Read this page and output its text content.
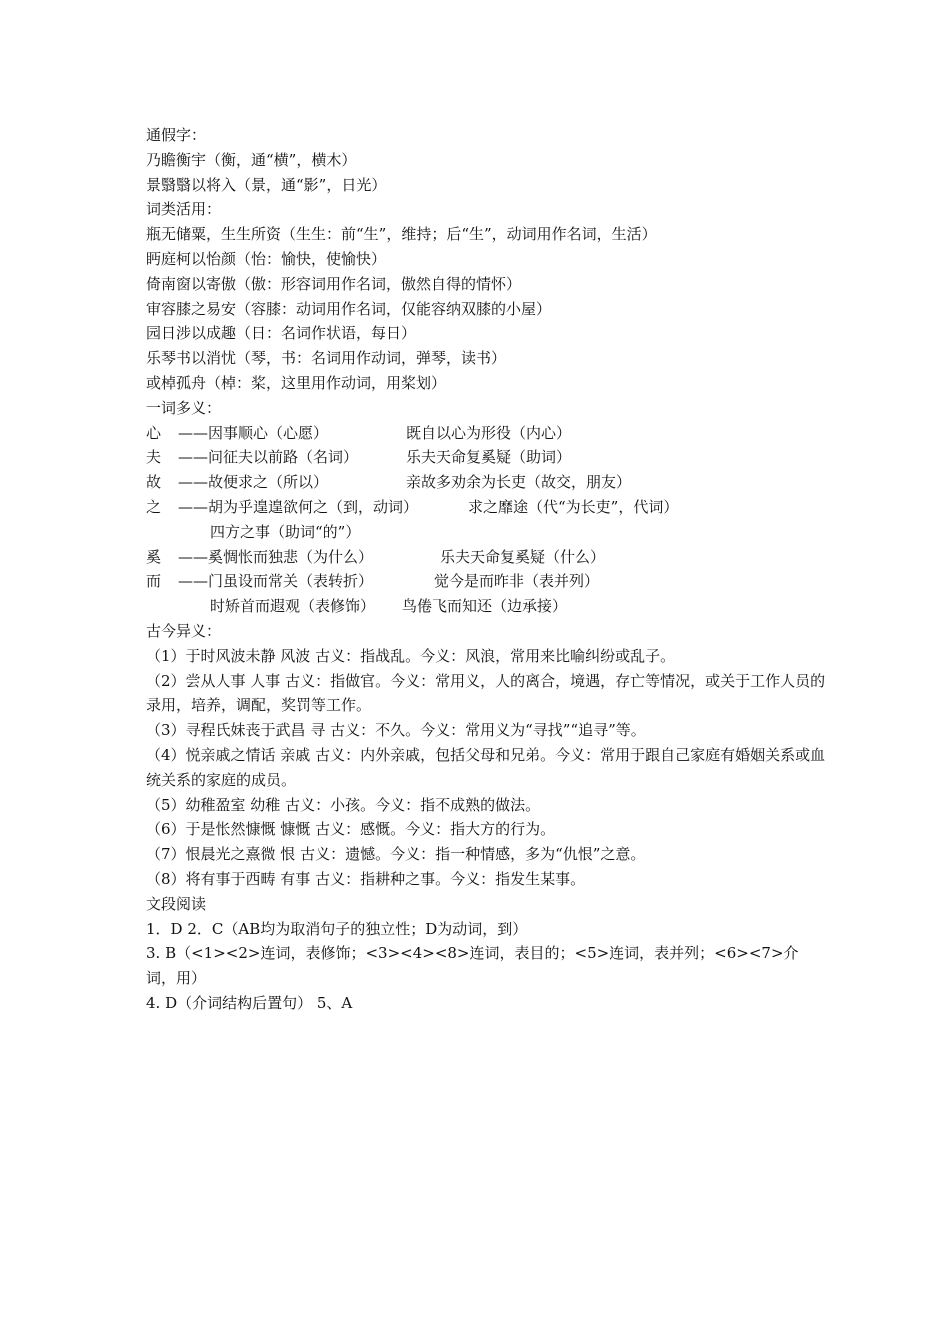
通假字：
乃瞻衡宇（衡，通“横”，横木）
景翳翳以将入（景，通“影”，日光）
词类活用：
瓶无储粟，生生所资（生生：前“生”，维持；后“生”，动词用作名词，生活）
眄庭柯以怡颜（怡：愉快，使愉快）
倚南窗以寄傲（傲：形容词用作名词，傲然自得的情怀）
审容膝之易安（容膝：动词用作名词，仅能容纳双膝的小屋）
园日涉以成趣（日：名词作状语，每日）
乐琴书以消忧（琴，书：名词用作动词，弹琴，读书）
或棹孤舟（棹：桨，这里用作动词，用桨划）
一词多义：
心	——因事顺心（心愿）	既自以心为形役（内心）
夫	——问征夫以前路（名词）	乐夫天命复奚疑（助词）
故	——故便求之（所以）	亲故多劝余为长吏（故交，朋友）
之	——胡为乎遑遑欲何之（到，动词）	求之靡途（代“为长吏”，代词）
四方之事（助词“的”）
奚	——奚惆怅而独悲（为什么）	乐夫天命复奚疑（什么）
而	——门虽设而常关（表转折）	觉今是而昨非（表并列）
时矫首而遐观（表修饰）	鸟倦飞而知还（边承接）
古今异义：
（1）于时风波未静 风波 古义：指战乱。今义：风浪，常用来比喻纠纷或乱子。
（2）尝从人事 人事 古义：指做官。今义：常用义，人的离合，境遇，存亡等情况，或关于工作人员的录用，培养，调配，奖罚等工作。
（3）寻程氏妹丧于武昌 寻 古义：不久。今义：常用义为“寻找”“追寻”等。
（4）悦亲戚之情话 亲戚 古义：内外亲戚，包括父母和兄弟。今义：常用于跟自己家庭有婚姻关系或血统关系的家庭的成员。
（5）幼稚盈室 幼稚 古义：小孩。今义：指不成熟的做法。
（6）于是怅然慷慨 慷慨 古义：感慨。今义：指大方的行为。
（7）恨晨光之熹微 恨 古义：遗憾。今义：指一种情感，多为“仇恨”之意。
（8）将有事于西畴 有事 古义：指耕种之事。今义：指发生某事。
文段阅读
1．D 2．C（AB均为取消句子的独立性；D为动词，到）
3. B（<1><2>连词，表修饰；<3><4><8>连词，表目的；<5>连词，表并列；<6><7>介词，用）
4. D（介词结构后置句） 5、A
